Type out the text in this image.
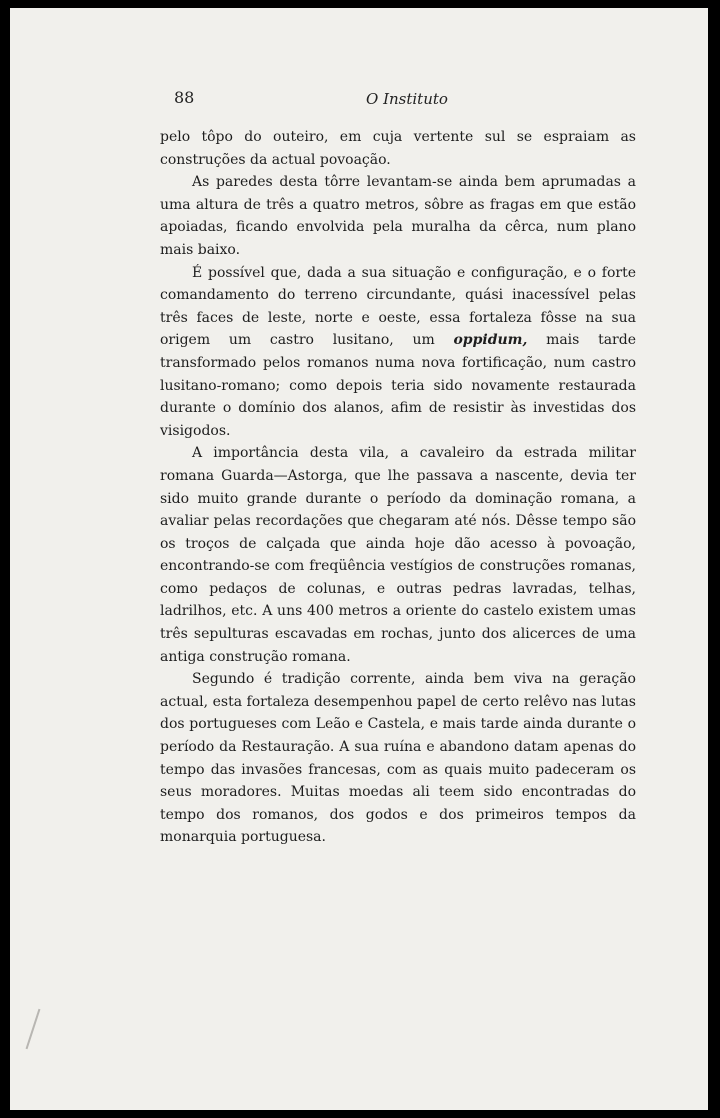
88	O Instituto

pelo tôpo do outeiro, em cuja vertente sul se espraiam as construções da actual povoação.

As paredes desta tôrre levantam-se ainda bem aprumadas a uma altura de três a quatro metros, sôbre as fragas em que estão apoiadas, ficando envolvida pela muralha da cêrca, num plano mais baixo.

É possível que, dada a sua situação e configuração, e o forte comandamento do terreno circundante, quási inacessível pelas três faces de leste, norte e oeste, essa fortaleza fôsse na sua origem um castro lusitano, um oppidum, mais tarde transformado pelos romanos numa nova fortificação, num castro lusitano-romano; como depois teria sido novamente restaurada durante o domínio dos alanos, afim de resistir às investidas dos visigodos.

A importância desta vila, a cavaleiro da estrada militar romana Guarda—Astorga, que lhe passava a nascente, devia ter sido muito grande durante o período da dominação romana, a avaliar pelas recordações que chegaram até nós. Dêsse tempo são os troços de calçada que ainda hoje dão acesso à povoação, encontrando-se com freqüência vestígios de construções romanas, como pedaços de colunas, e outras pedras lavradas, telhas, ladrilhos, etc. A uns 400 metros a oriente do castelo existem umas três sepulturas escavadas em rochas, junto dos alicerces de uma antiga construção romana.

Segundo é tradição corrente, ainda bem viva na geração actual, esta fortaleza desempenhou papel de certo relêvo nas lutas dos portugueses com Leão e Castela, e mais tarde ainda durante o período da Restauração. A sua ruína e abandono datam apenas do tempo das invasões francesas, com as quais muito padeceram os seus moradores. Muitas moedas ali teem sido encontradas do tempo dos romanos, dos godos e dos primeiros tempos da monarquia portuguesa.
